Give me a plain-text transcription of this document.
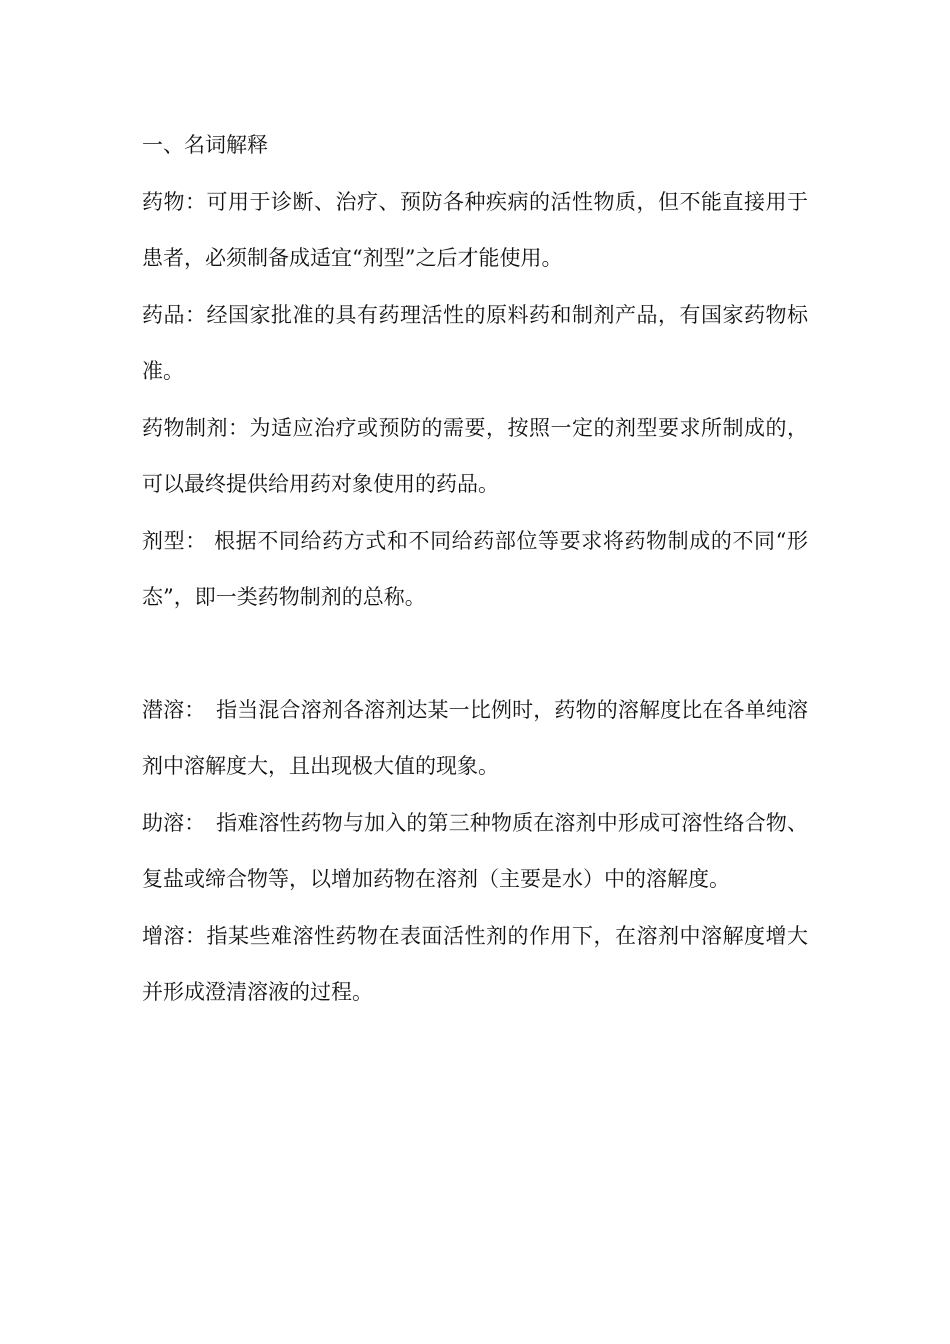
一、名词解释

药物：可用于诊断、治疗、预防各种疾病的活性物质，但不能直接用于患者，必须制备成适宜“剂型”之后才能使用。

药品：经国家批准的具有药理活性的原料药和制剂产品，有国家药物标准。

药物制剂：为适应治疗或预防的需要，按照一定的剂型要求所制成的，可以最终提供给用药对象使用的药品。

剂型： 根据不同给药方式和不同给药部位等要求将药物制成的不同“形态”，即一类药物制剂的总称。

潜溶：　指当混合溶剂各溶剂达某一比例时，药物的溶解度比在各单纯溶剂中溶解度大，且出现极大值的现象。

助溶：　指难溶性药物与加入的第三种物质在溶剂中形成可溶性络合物、复盐或缔合物等，以增加药物在溶剂（主要是水）中的溶解度。

增溶：指某些难溶性药物在表面活性剂的作用下，在溶剂中溶解度增大并形成澄清溶液的过程。
